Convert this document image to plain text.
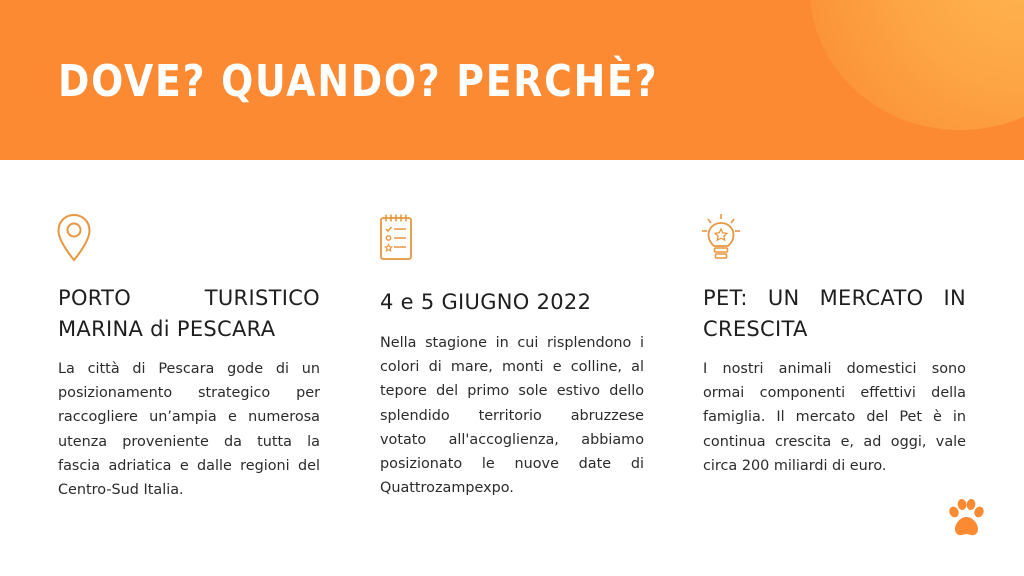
DOVE? QUANDO? PERCHÈ?
PORTO TURISTICO MARINA di PESCARA

La città di Pescara gode di un posizionamento strategico per raccogliere un’ampia e numerosa utenza proveniente da tutta la fascia adriatica e dalle regioni del Centro-Sud Italia.

4 e 5 GIUGNO 2022

Nella stagione in cui risplendono i colori di mare, monti e colline, al tepore del primo sole estivo dello splendido territorio abruzzese votato all'accoglienza, abbiamo posizionato le nuove date di Quattrozampexpo.

PET: UN MERCATO IN CRESCITA

I nostri animali domestici sono ormai componenti effettivi della famiglia. Il mercato del Pet è in continua crescita e, ad oggi, vale circa 200 miliardi di euro.
